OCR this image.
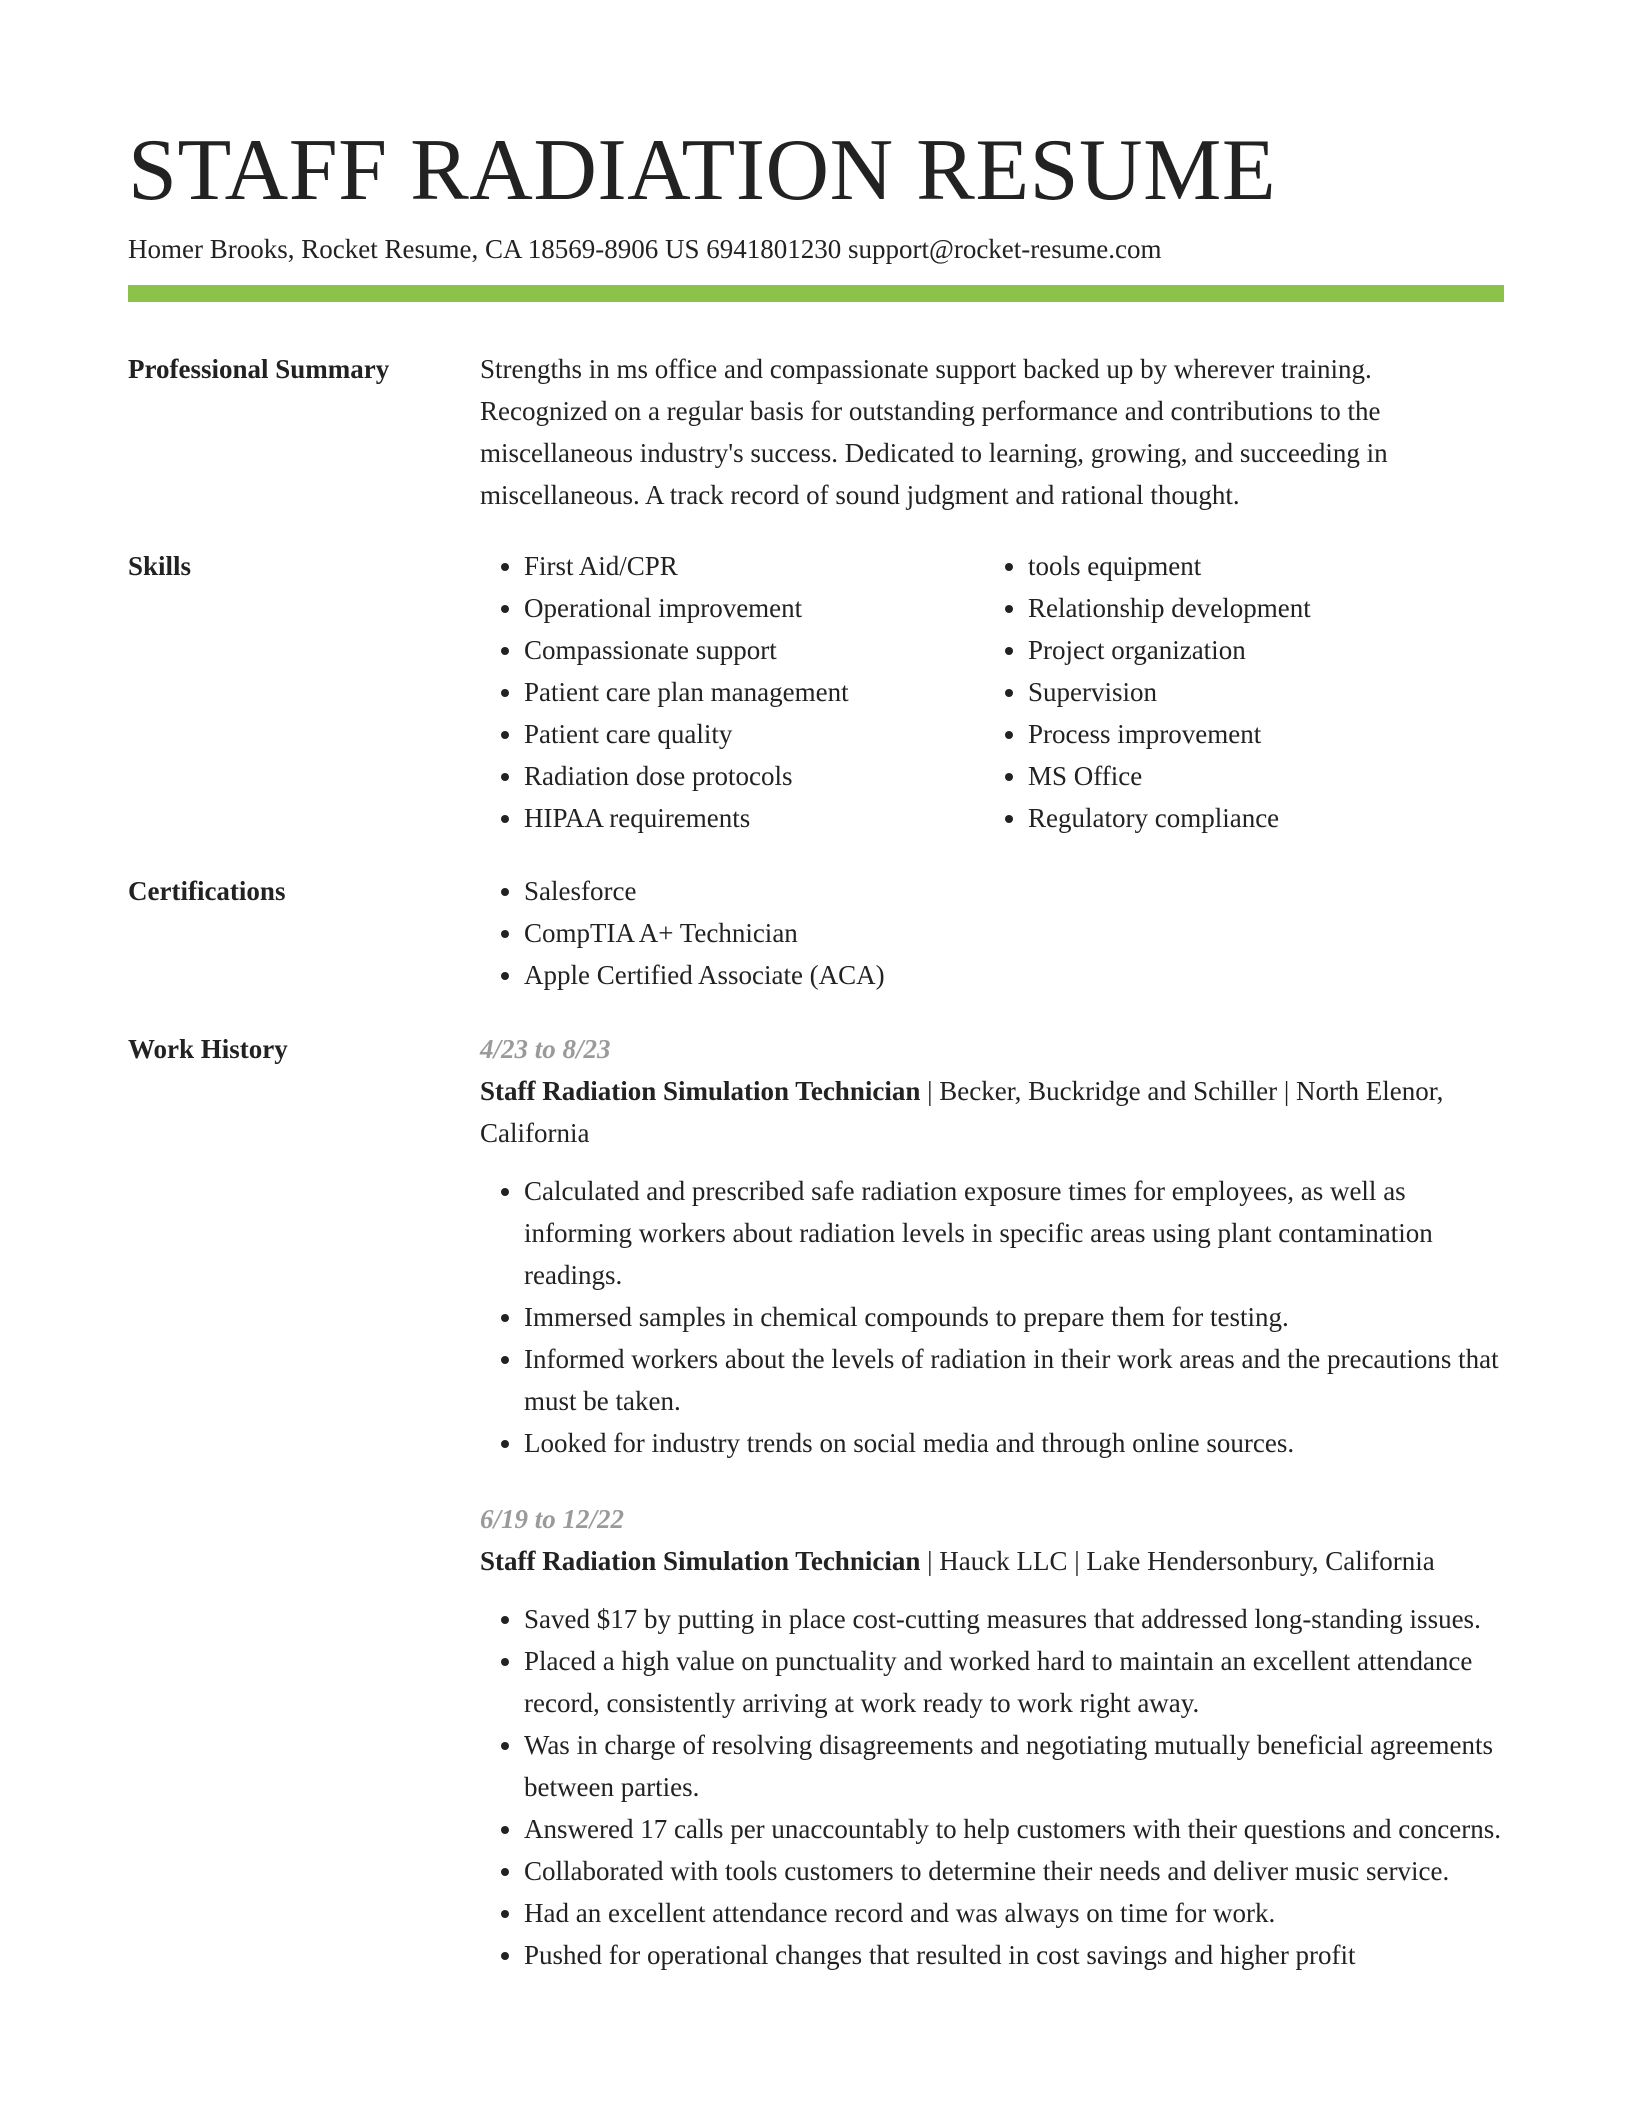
STAFF RADIATION RESUME
Homer Brooks, Rocket Resume, CA 18569-8906 US 6941801230 support@rocket-resume.com
Professional Summary	Strengths in ms office and compassionate support backed up by wherever training. Recognized on a regular basis for outstanding performance and contributions to the miscellaneous industry's success. Dedicated to learning, growing, and succeeding in miscellaneous. A track record of sound judgment and rational thought.

Skills	• First Aid/CPR
• Operational improvement
• Compassionate support
• Patient care plan management
• Patient care quality
• Radiation dose protocols
• HIPAA requirements
• tools equipment
• Relationship development
• Project organization
• Supervision
• Process improvement
• MS Office
• Regulatory compliance
Certifications	• Salesforce
• CompTIA A+ Technician
• Apple Certified Associate (ACA)
Work History	4/23 to 8/23
Staff Radiation Simulation Technician | Becker, Buckridge and Schiller | North Elenor, California
• Calculated and prescribed safe radiation exposure times for employees, as well as informing workers about radiation levels in specific areas using plant contamination readings.
• Immersed samples in chemical compounds to prepare them for testing.
• Informed workers about the levels of radiation in their work areas and the precautions that must be taken.
• Looked for industry trends on social media and through online sources.
6/19 to 12/22
Staff Radiation Simulation Technician | Hauck LLC | Lake Hendersonbury, California
• Saved $17 by putting in place cost-cutting measures that addressed long-standing issues.
• Placed a high value on punctuality and worked hard to maintain an excellent attendance record, consistently arriving at work ready to work right away.
• Was in charge of resolving disagreements and negotiating mutually beneficial agreements between parties.
• Answered 17 calls per unaccountably to help customers with their questions and concerns.
• Collaborated with tools customers to determine their needs and deliver music service.
• Had an excellent attendance record and was always on time for work.
• Pushed for operational changes that resulted in cost savings and higher profit
